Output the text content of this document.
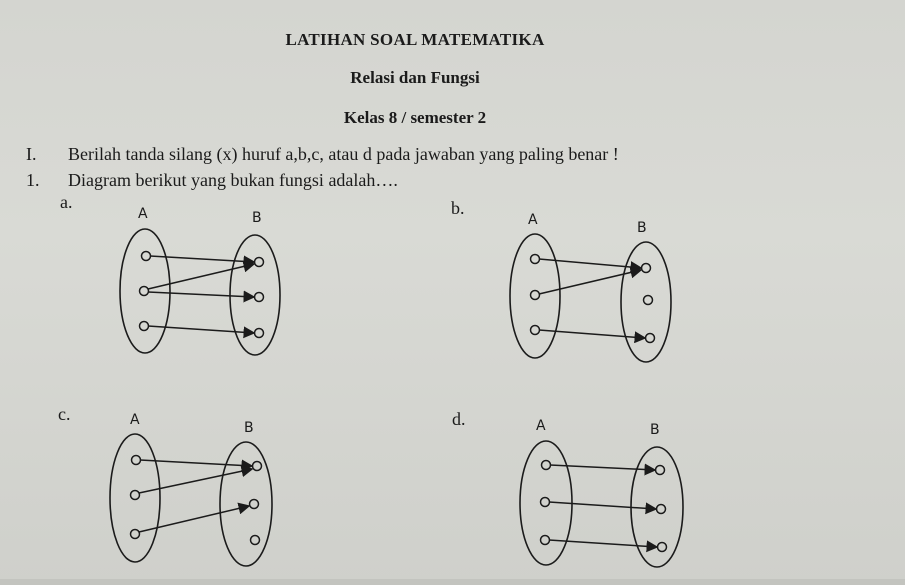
LATIHAN SOAL MATEMATIKA
Relasi dan Fungsi
Kelas 8 / semester 2
I. Berilah tanda silang (x) huruf a,b,c, atau d pada jawaban yang paling benar !
1. Diagram berikut yang bukan fungsi adalah….
a.
A	B	b.
A	B
c.	A	B	d.	A	B
